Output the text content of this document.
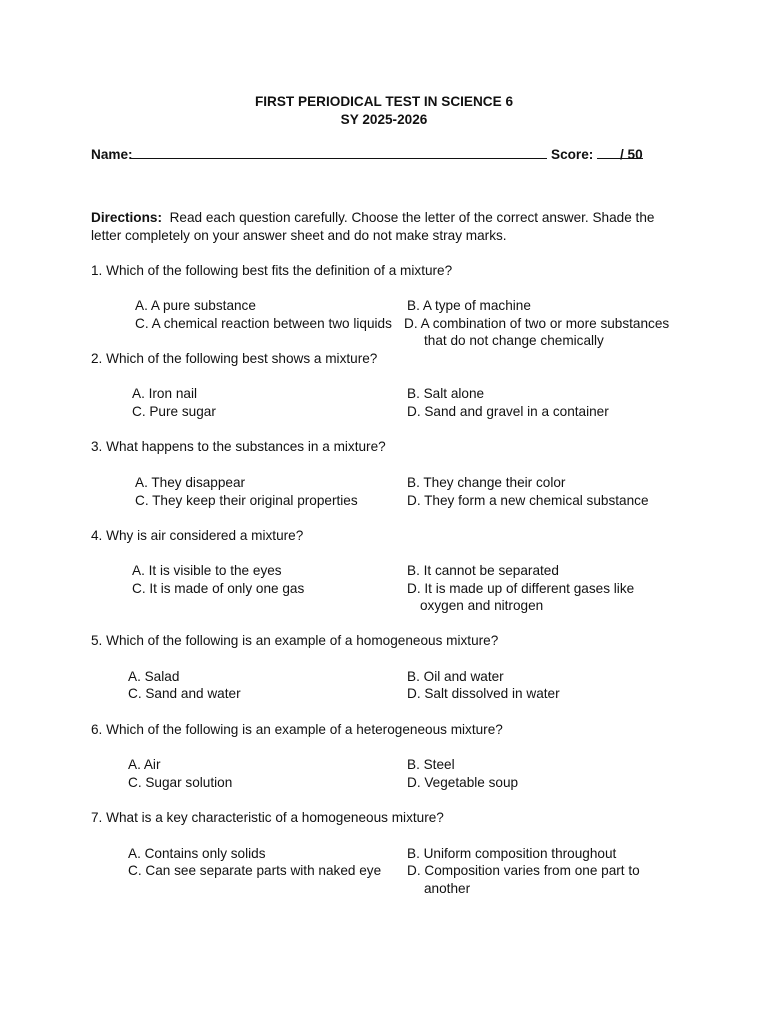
FIRST PERIODICAL TEST IN SCIENCE 6
SY 2025-2026
Name:	Score: / 50
Directions: Read each question carefully. Choose the letter of the correct answer. Shade the
letter completely on your answer sheet and do not make stray marks.
1. Which of the following best fits the definition of a mixture?
A. A pure substance	B. A type of machine
C. A chemical reaction between two liquids D. A combination of two or more substances
that do not change chemically
2. Which of the following best shows a mixture?
A. Iron nail	B. Salt alone
C. Pure sugar	D. Sand and gravel in a container
3. What happens to the substances in a mixture?
A. They disappear	B. They change their color
C. They keep their original properties	D. They form a new chemical substance
4. Why is air considered a mixture?
A. It is visible to the eyes	B. It cannot be separated
C. It is made of only one gas	D. It is made up of different gases like
oxygen and nitrogen
5. Which of the following is an example of a homogeneous mixture?
A. Salad	B. Oil and water
C. Sand and water	D. Salt dissolved in water
6. Which of the following is an example of a heterogeneous mixture?
A. Air	B. Steel
C. Sugar solution	D. Vegetable soup
7. What is a key characteristic of a homogeneous mixture?
A. Contains only solids	B. Uniform composition throughout
C. Can see separate parts with naked eye D. Composition varies from one part to
another
